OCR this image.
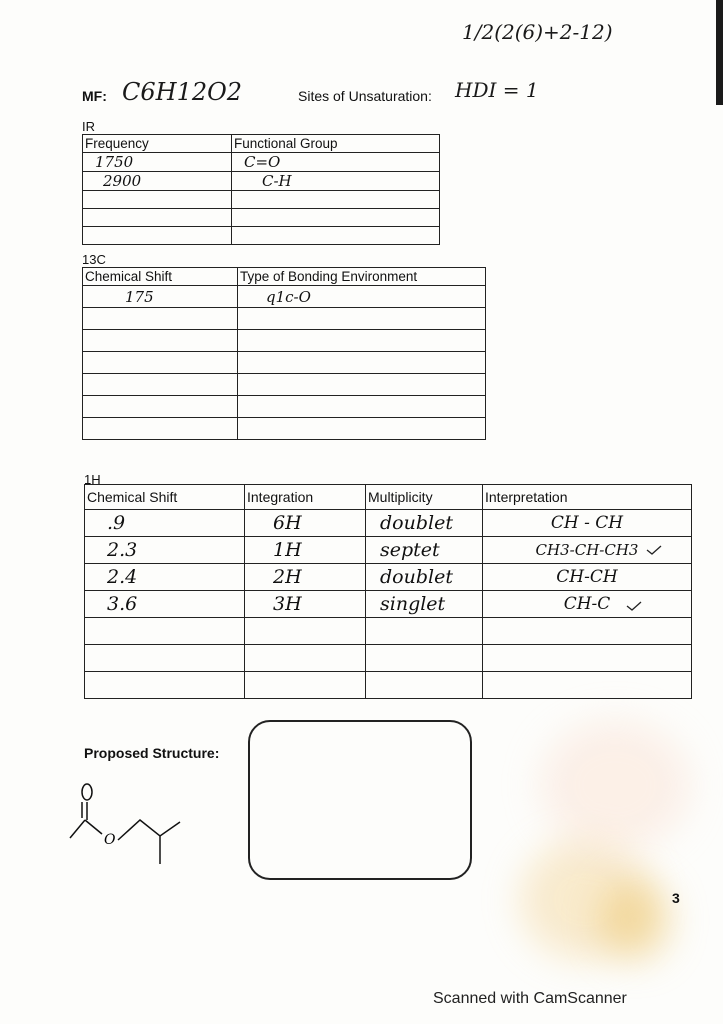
1/2(2(6)+2-12)
MF: C6H12O2	Sites of Unsaturation: HDI = 1
IR
Frequency	Functional Group
1750	C=O
2900	C-H

13C
Chemical Shift	Type of Bonding Environment
175	q1c-O

1H
Chemical Shift	Integration	Multiplicity	Interpretation
.9	6H	doublet	CH - CH
2.3	1H	septet	CH3-CH-CH3
2.4	2H	doublet	CH-CH
3.6	3H	singlet	CH-C

Proposed Structure:
O
O
3
Scanned with CamScanner
